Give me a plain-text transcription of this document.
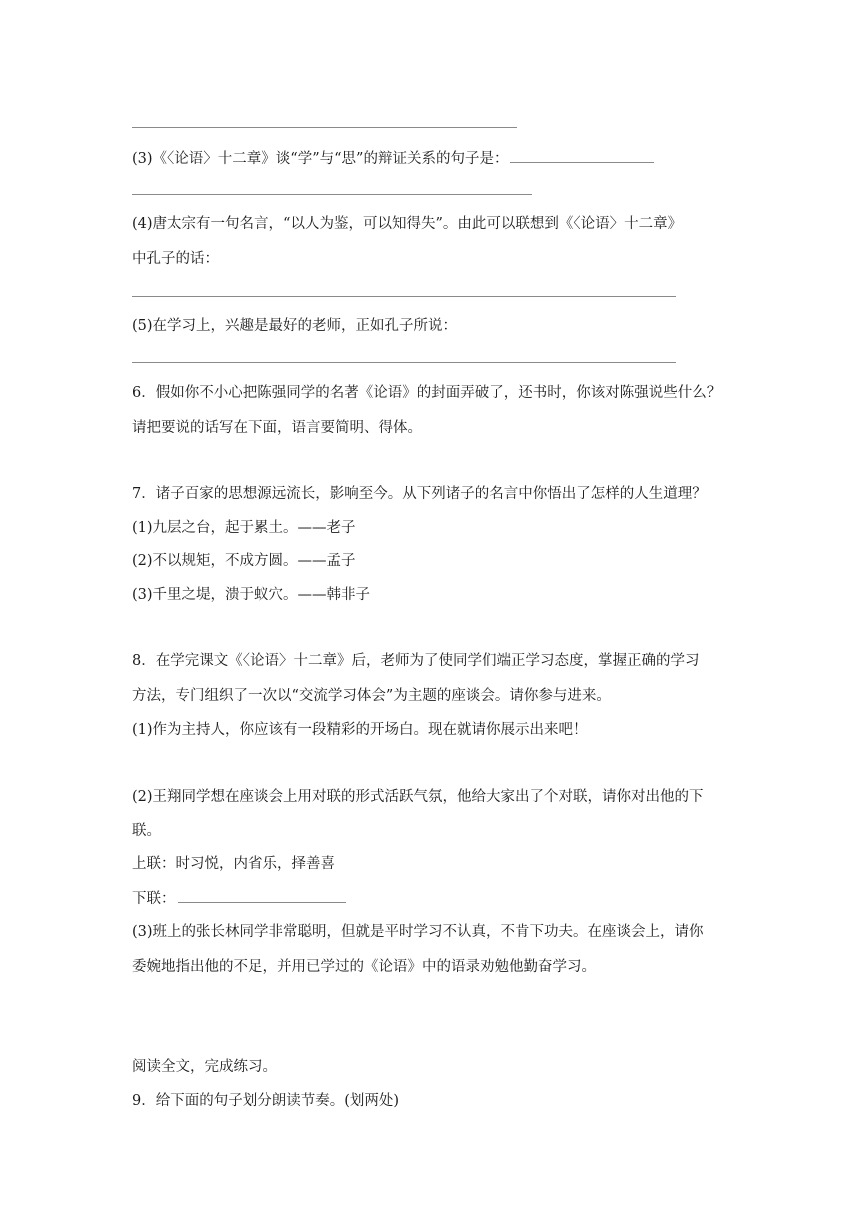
(3)《〈论语〉十二章》谈“学”与“思”的辩证关系的句子是：
(4)唐太宗有一句名言，“以人为鉴，可以知得失”。由此可以联想到《〈论语〉十二章》
中孔子的话：
(5)在学习上，兴趣是最好的老师，正如孔子所说：
6．假如你不小心把陈强同学的名著《论语》的封面弄破了，还书时，你该对陈强说些什么？
请把要说的话写在下面，语言要简明、得体。
7．诸子百家的思想源远流长，影响至今。从下列诸子的名言中你悟出了怎样的人生道理？
(1)九层之台，起于累土。——老子
(2)不以规矩，不成方圆。——孟子
(3)千里之堤，溃于蚁穴。——韩非子
8．在学完课文《〈论语〉十二章》后，老师为了使同学们端正学习态度，掌握正确的学习
方法，专门组织了一次以“交流学习体会”为主题的座谈会。请你参与进来。
(1)作为主持人，你应该有一段精彩的开场白。现在就请你展示出来吧！
(2)王翔同学想在座谈会上用对联的形式活跃气氛，他给大家出了个对联，请你对出他的下
联。
上联：时习悦，内省乐，择善喜
下联：
(3)班上的张长林同学非常聪明，但就是平时学习不认真，不肯下功夫。在座谈会上，请你
委婉地指出他的不足，并用已学过的《论语》中的语录劝勉他勤奋学习。
阅读全文，完成练习。
9．给下面的句子划分朗读节奏。(划两处)
